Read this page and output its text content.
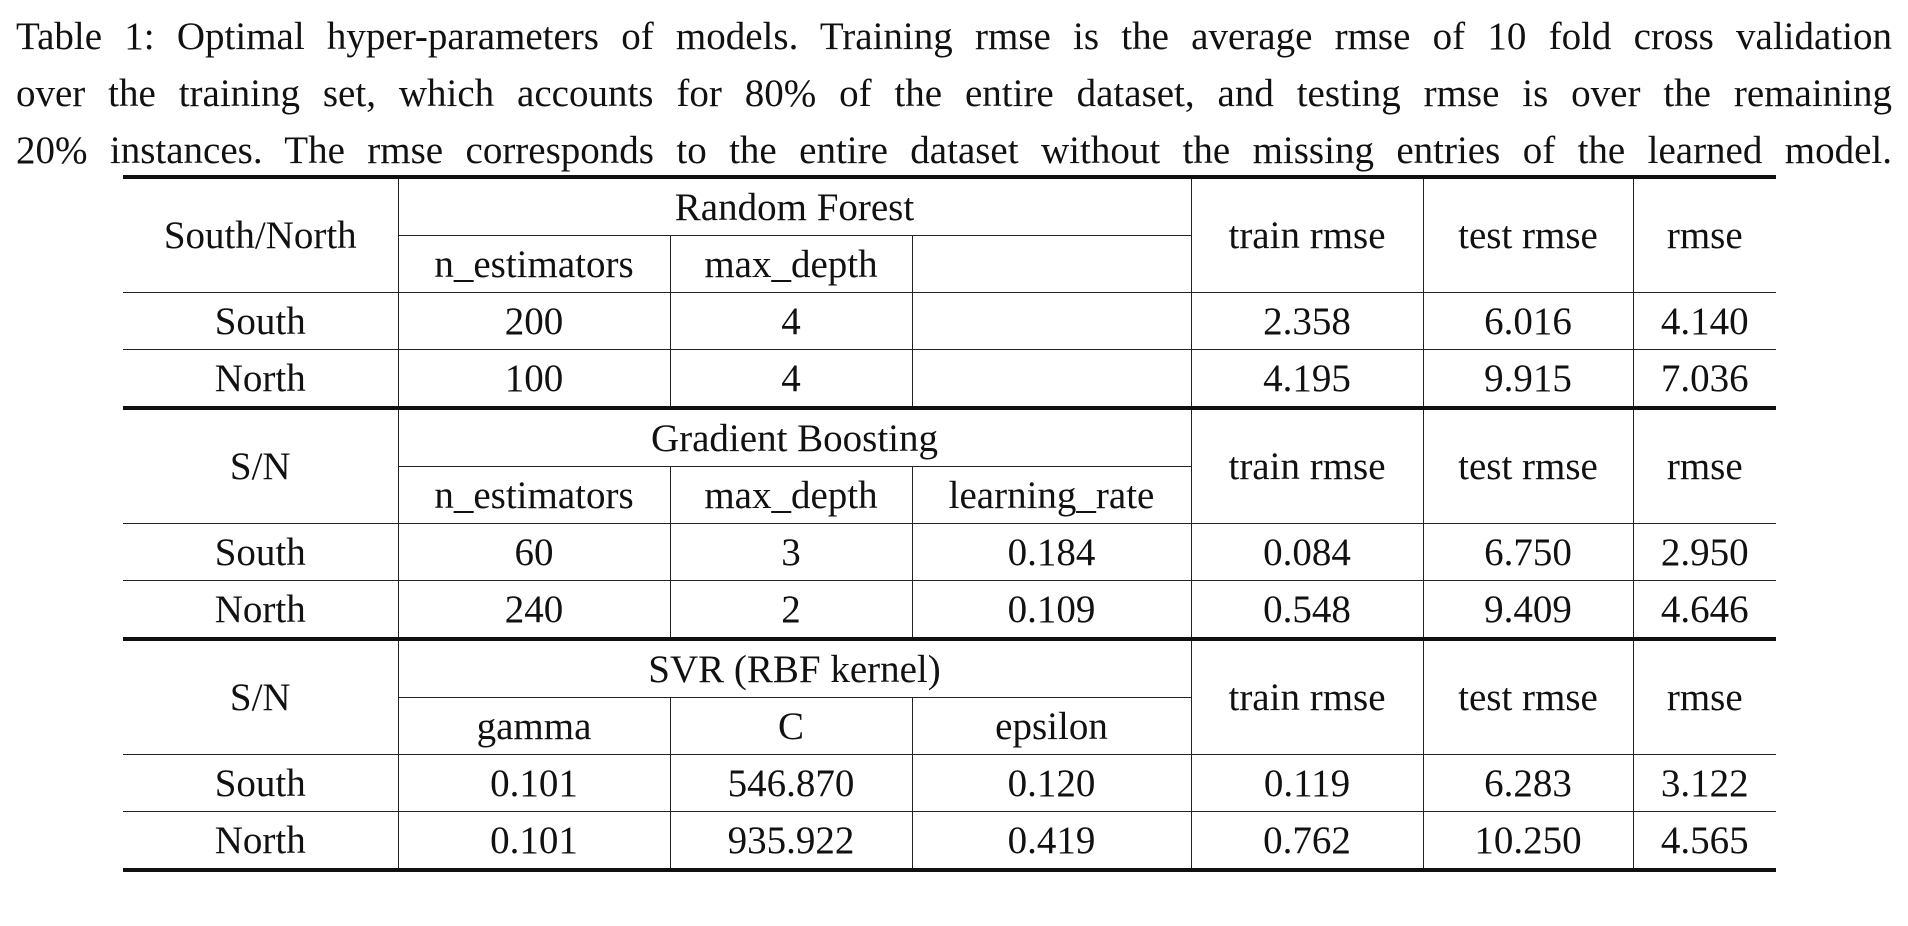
Table 1: Optimal hyper-parameters of models. Training rmse is the average rmse of 10 fold cross validation
over the training set, which accounts for 80% of the entire dataset, and testing rmse is over the remaining
20% instances. The rmse corresponds to the entire dataset without the missing entries of the learned model.
South/North	Random Forest			train rmse	test rmse	rmse
	n_estimators	max_depth				
South	200	4		2.358	6.016	4.140
North	100	4		4.195	9.915	7.036
S/N	Gradient Boosting			train rmse	test rmse	rmse
	n_estimators	max_depth	learning_rate			
South	60	3	0.184	0.084	6.750	2.950
North	240	2	0.109	0.548	9.409	4.646
S/N	SVR (RBF kernel)			train rmse	test rmse	rmse
	gamma	C	epsilon			
South	0.101	546.870	0.120	0.119	6.283	3.122
North	0.101	935.922	0.419	0.762	10.250	4.565
